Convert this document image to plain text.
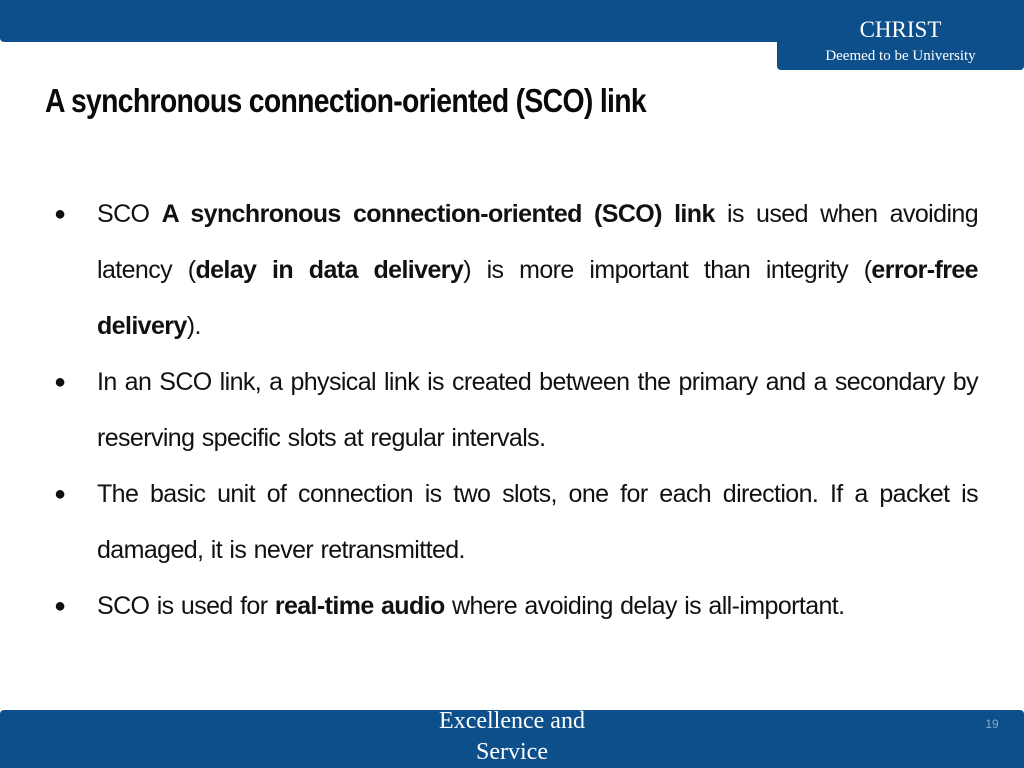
CHRIST
Deemed to be University
A synchronous connection-oriented (SCO) link
● SCO A synchronous connection-oriented (SCO) link is used when avoiding latency (delay in data delivery) is more important than integrity (error-free delivery).
● In an SCO link, a physical link is created between the primary and a secondary by reserving specific slots at regular intervals.
● The basic unit of connection is two slots, one for each direction. If a packet is damaged, it is never retransmitted.
● SCO is used for real-time audio where avoiding delay is all-important.
Excellence and
Service
19
